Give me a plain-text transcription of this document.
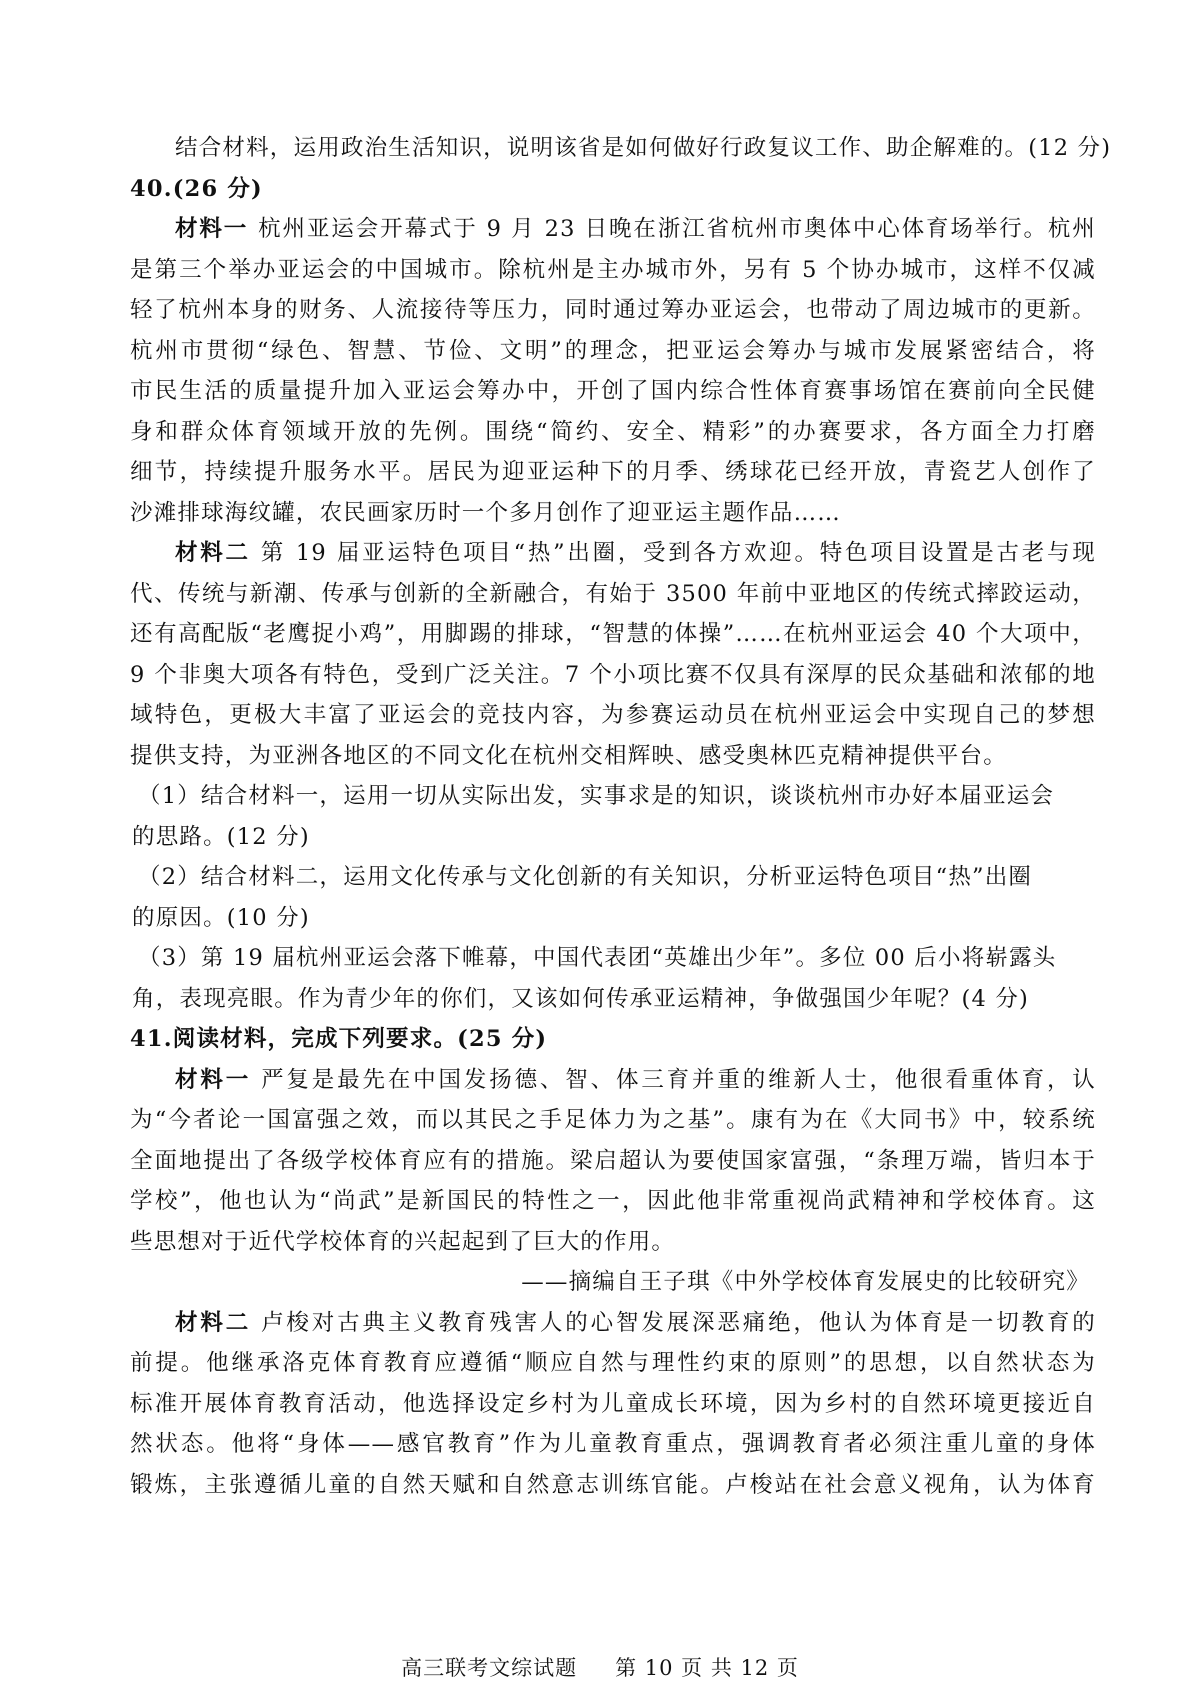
结合材料，运用政治生活知识，说明该省是如何做好行政复议工作、助企解难的。(12 分)
40.(26 分)
材料一 杭州亚运会开幕式于 9 月 23 日晚在浙江省杭州市奥体中心体育场举行。杭州
是第三个举办亚运会的中国城市。除杭州是主办城市外，另有 5 个协办城市，这样不仅减
轻了杭州本身的财务、人流接待等压力，同时通过筹办亚运会，也带动了周边城市的更新。
杭州市贯彻“绿色、智慧、节俭、文明”的理念，把亚运会筹办与城市发展紧密结合，将
市民生活的质量提升加入亚运会筹办中，开创了国内综合性体育赛事场馆在赛前向全民健
身和群众体育领域开放的先例。围绕“简约、安全、精彩”的办赛要求，各方面全力打磨
细节，持续提升服务水平。居民为迎亚运种下的月季、绣球花已经开放，青瓷艺人创作了
沙滩排球海纹罐，农民画家历时一个多月创作了迎亚运主题作品……
材料二 第 19 届亚运特色项目“热”出圈，受到各方欢迎。特色项目设置是古老与现
代、传统与新潮、传承与创新的全新融合，有始于 3500 年前中亚地区的传统式摔跤运动，
还有高配版“老鹰捉小鸡”，用脚踢的排球，“智慧的体操”……在杭州亚运会 40 个大项中，
9 个非奥大项各有特色，受到广泛关注。7 个小项比赛不仅具有深厚的民众基础和浓郁的地
域特色，更极大丰富了亚运会的竞技内容，为参赛运动员在杭州亚运会中实现自己的梦想
提供支持，为亚洲各地区的不同文化在杭州交相辉映、感受奥林匹克精神提供平台。
（1）结合材料一，运用一切从实际出发，实事求是的知识，谈谈杭州市办好本届亚运会
的思路。(12 分)
（2）结合材料二，运用文化传承与文化创新的有关知识，分析亚运特色项目“热”出圈
的原因。(10 分)
（3）第 19 届杭州亚运会落下帷幕，中国代表团“英雄出少年”。多位 00 后小将崭露头
角，表现亮眼。作为青少年的你们，又该如何传承亚运精神，争做强国少年呢？(4 分)
41.阅读材料，完成下列要求。(25 分)
材料一 严复是最先在中国发扬德、智、体三育并重的维新人士，他很看重体育，认
为“今者论一国富强之效，而以其民之手足体力为之基”。康有为在《大同书》中，较系统
全面地提出了各级学校体育应有的措施。梁启超认为要使国家富强，“条理万端，皆归本于
学校”，他也认为“尚武”是新国民的特性之一，因此他非常重视尚武精神和学校体育。这
些思想对于近代学校体育的兴起起到了巨大的作用。
——摘编自王子琪《中外学校体育发展史的比较研究》
材料二 卢梭对古典主义教育残害人的心智发展深恶痛绝，他认为体育是一切教育的
前提。他继承洛克体育教育应遵循“顺应自然与理性约束的原则”的思想，以自然状态为
标准开展体育教育活动，他选择设定乡村为儿童成长环境，因为乡村的自然环境更接近自
然状态。他将“身体——感官教育”作为儿童教育重点，强调教育者必须注重儿童的身体
锻炼，主张遵循儿童的自然天赋和自然意志训练官能。卢梭站在社会意义视角，认为体育
高三联考文综试题 第 10 页 共 12 页
